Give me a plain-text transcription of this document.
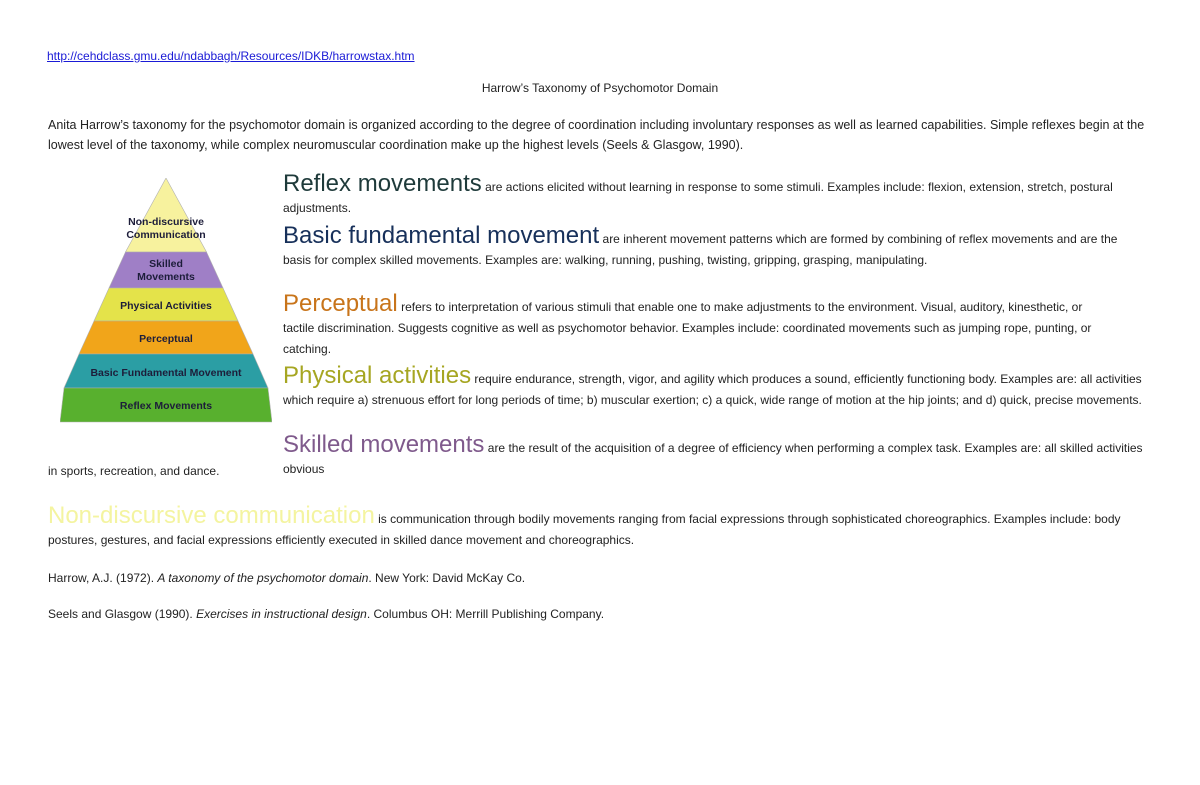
http://cehdclass.gmu.edu/ndabbagh/Resources/IDKB/harrowstax.htm
Harrow’s Taxonomy of Psychomotor Domain
Anita Harrow’s taxonomy for the psychomotor domain is organized according to the degree of coordination including involuntary responses as well as learned capabilities. Simple reflexes begin at the lowest level of the taxonomy, while complex neuromuscular coordination make up the highest levels (Seels & Glasgow, 1990).
Non-discursive
Communication
Skilled
Movements
Physical Activities
Perceptual
Basic Fundamental Movement
Reflex Movements
Reflex movements are actions elicited without learning in response to some stimuli. Examples include: flexion, extension, stretch, postural adjustments.
Basic fundamental movement are inherent movement patterns which are formed by combining of reflex movements and are the basis for complex skilled movements. Examples are: walking, running, pushing, twisting, gripping, grasping, manipulating.
Perceptual refers to interpretation of various stimuli that enable one to make adjustments to the environment. Visual, auditory, kinesthetic, or tactile discrimination. Suggests cognitive as well as psychomotor behavior. Examples include: coordinated movements such as jumping rope, punting, or catching.
Physical activities require endurance, strength, vigor, and agility which produces a sound, efficiently functioning body. Examples are: all activities which require a) strenuous effort for long periods of time; b) muscular exertion; c) a quick, wide range of motion at the hip joints; and d) quick, precise movements.
Skilled movements are the result of the acquisition of a degree of efficiency when performing a complex task. Examples are: all skilled activities obvious
in sports, recreation, and dance.
Non-discursive communication is communication through bodily movements ranging from facial expressions through sophisticated choreographics. Examples include: body postures, gestures, and facial expressions efficiently executed in skilled dance movement and choreographics.
Harrow, A.J. (1972). A taxonomy of the psychomotor domain. New York: David McKay Co.
Seels and Glasgow (1990). Exercises in instructional design. Columbus OH: Merrill Publishing Company.
